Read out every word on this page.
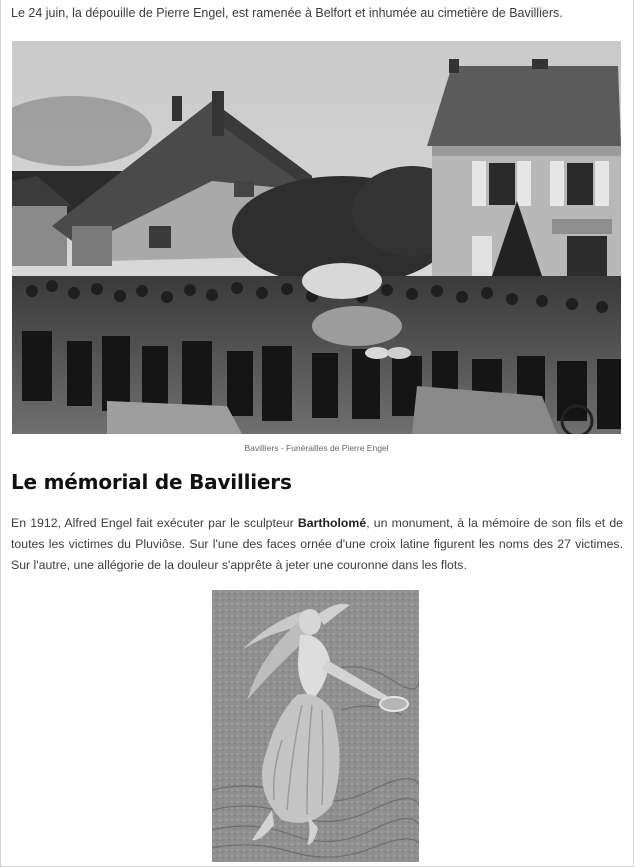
Le 24 juin, la dépouille de Pierre Engel, est ramenée à Belfort et inhumée au cimetière de Bavilliers.

Bavilliers - Funérailles de Pierre Engel

Le mémorial de Bavilliers

En 1912, Alfred Engel fait exécuter par le sculpteur Bartholomé, un monument, à la mémoire de son fils et de toutes les victimes du Pluviôse. Sur l'une des faces ornée d'une croix latine figurent les noms des 27 victimes. Sur l'autre, une allégorie de la douleur s'apprête à jeter une couronne dans les flots.
